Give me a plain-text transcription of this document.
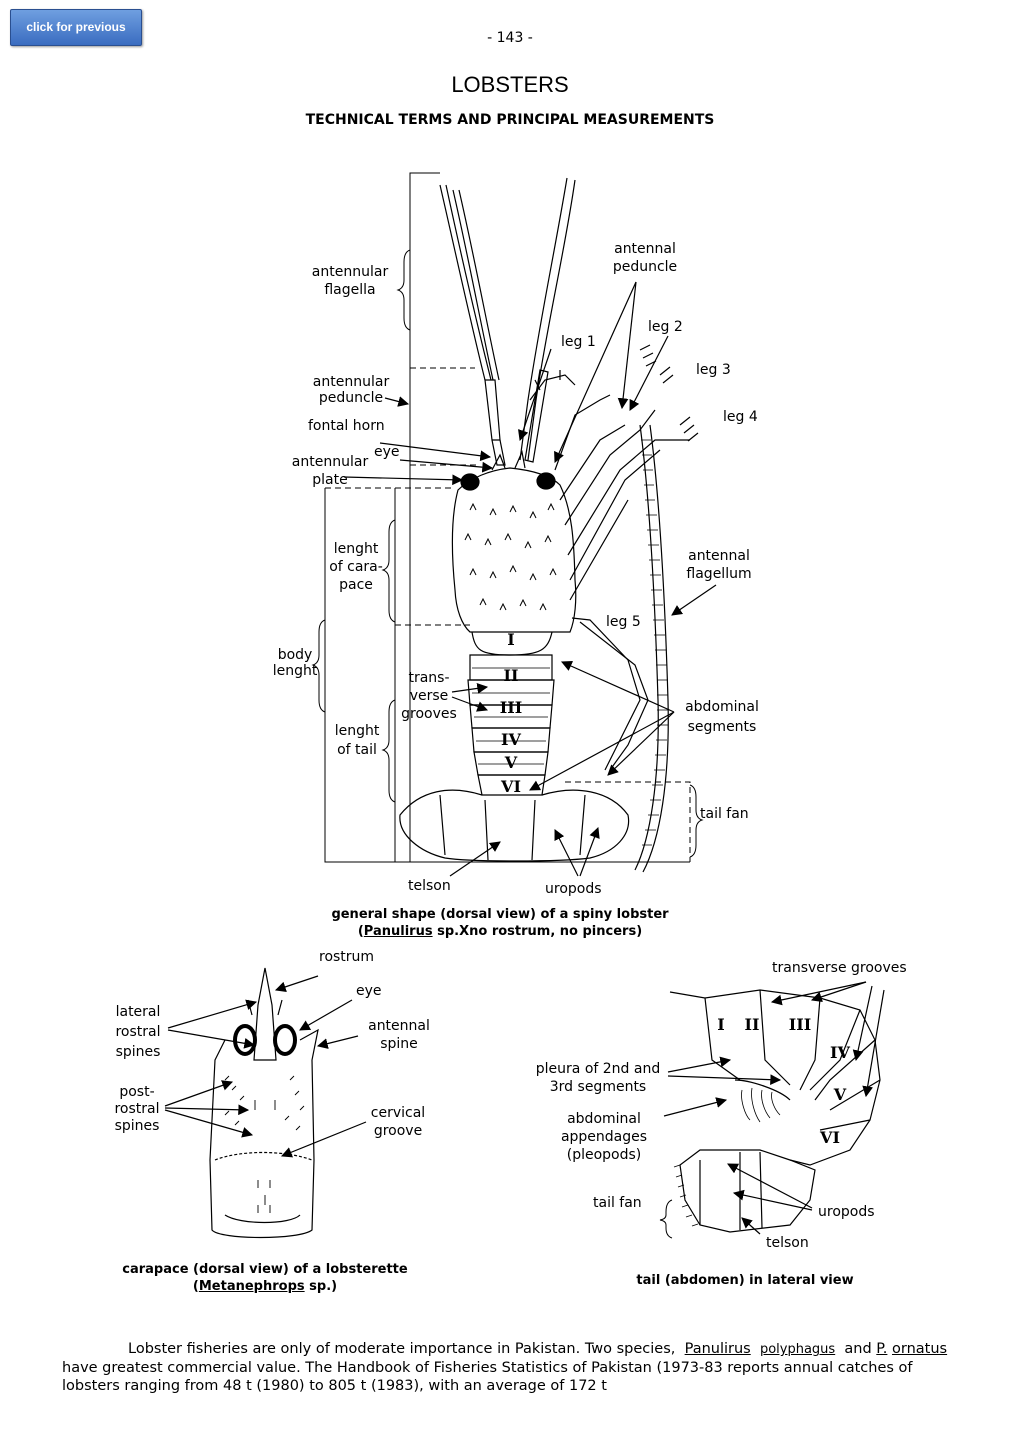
click for previous page
- 143 -
LOBSTERS
TECHNICAL TERMS AND PRINCIPAL MEASUREMENTS
I
II
III
IV
V
VI
I II III
IV
V
VI
antennal peduncle
antennular flagella
leg 2
leg 1
leg 3
antennular peduncle
leg 4
fontal horn
eye
antennular plate
lenght of cara- pace
antennal flagellum
leg 5
body lenght	trans- verse grooves	abdominal segments
lenght of tail
tail fan
telson	uropods
general shape (dorsal view) of a spiny lobster
(Panulirus sp.Xno rostrum, no pincers)
rostrum
eye
lateral rostral spines
antennal spine
post- rostral spines
cervical groove
carapace (dorsal view) of a lobsterette
(Metanephrops sp.)
transverse grooves
pleura of 2nd and 3rd segments
abdominal appendages (pleopods)
tail fan
uropods
telson
tail (abdomen) in lateral view
Lobster fisheries are only of moderate importance in Pakistan. Two species, Panulirus polyphagus and P. ornatus  have greatest commercial value. The Handbook of Fisheries Statistics of Pakistan (1973-83 reports annual catches of lobsters ranging from 48 t (1980) to 805 t (1983), with an average of 172 t
